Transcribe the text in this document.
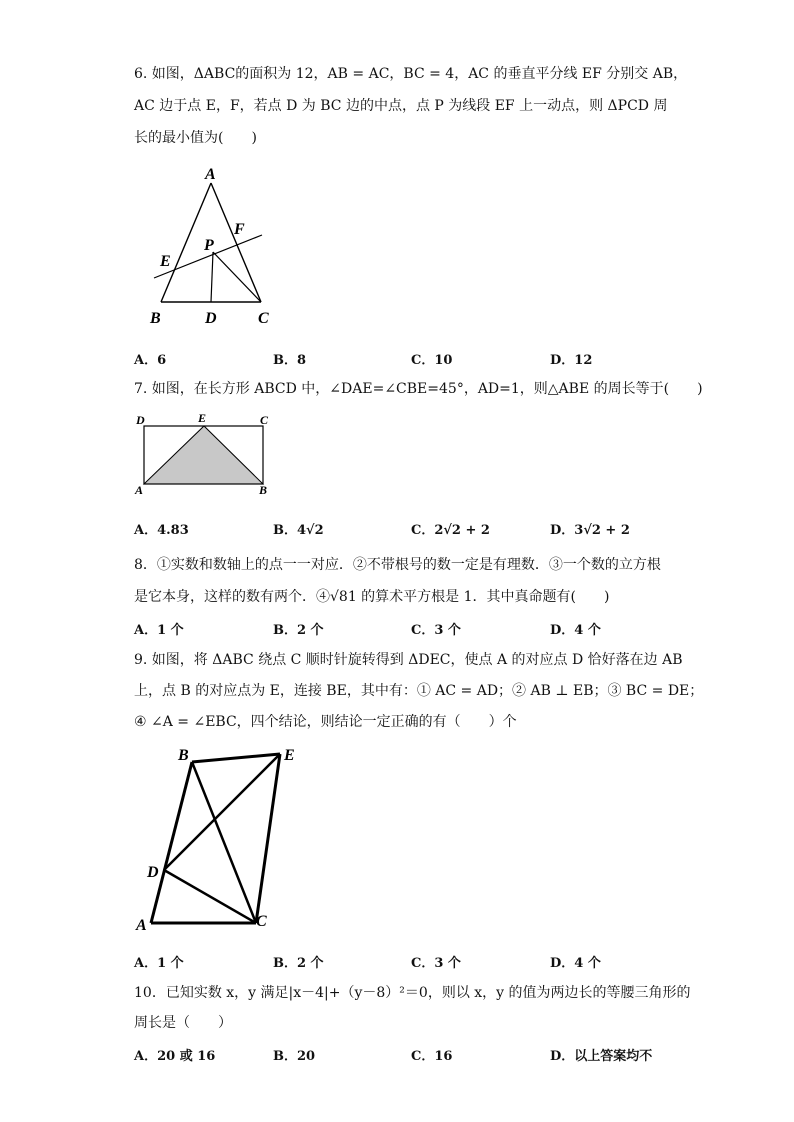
6. 如图，ΔABC的面积为 12，AB = AC，BC = 4，AC 的垂直平分线 EF 分别交 AB，
AC 边于点 E，F，若点 D 为 BC 边的中点，点 P 为线段 EF 上一动点，则 ΔPCD 周
长的最小值为(　　)
A
B	D	C
E
F
P
A．6	B．8	C．10	D．12
7. 如图，在长方形 ABCD 中，∠DAE=∠CBE=45°，AD=1，则△ABE 的周长等于(　　)
D	E	C
A	B
A．4.83	B．4√2	C．2√2 + 2	D．3√2 + 2
8．①实数和数轴上的点一一对应．②不带根号的数一定是有理数．③一个数的立方根
是它本身，这样的数有两个．④√81 的算术平方根是 1．其中真命题有(　　)
A．1 个	B．2 个	C．3 个	D．4 个
9. 如图，将 ΔABC 绕点 C 顺时针旋转得到 ΔDEC，使点 A 的对应点 D 恰好落在边 AB
上，点 B 的对应点为 E，连接 BE，其中有：① AC = AD；② AB ⊥ EB；③ BC = DE；
④ ∠A = ∠EBC，四个结论，则结论一定正确的有（　　）个
B	E
D
A	C
A．1 个	B．2 个	C．3 个	D．4 个
10．已知实数 x，y 满足|x－4|+（y－8）²＝0，则以 x，y 的值为两边长的等腰三角形的
周长是（　　）
A．20 或 16	B．20	C．16	D．以上答案均不
